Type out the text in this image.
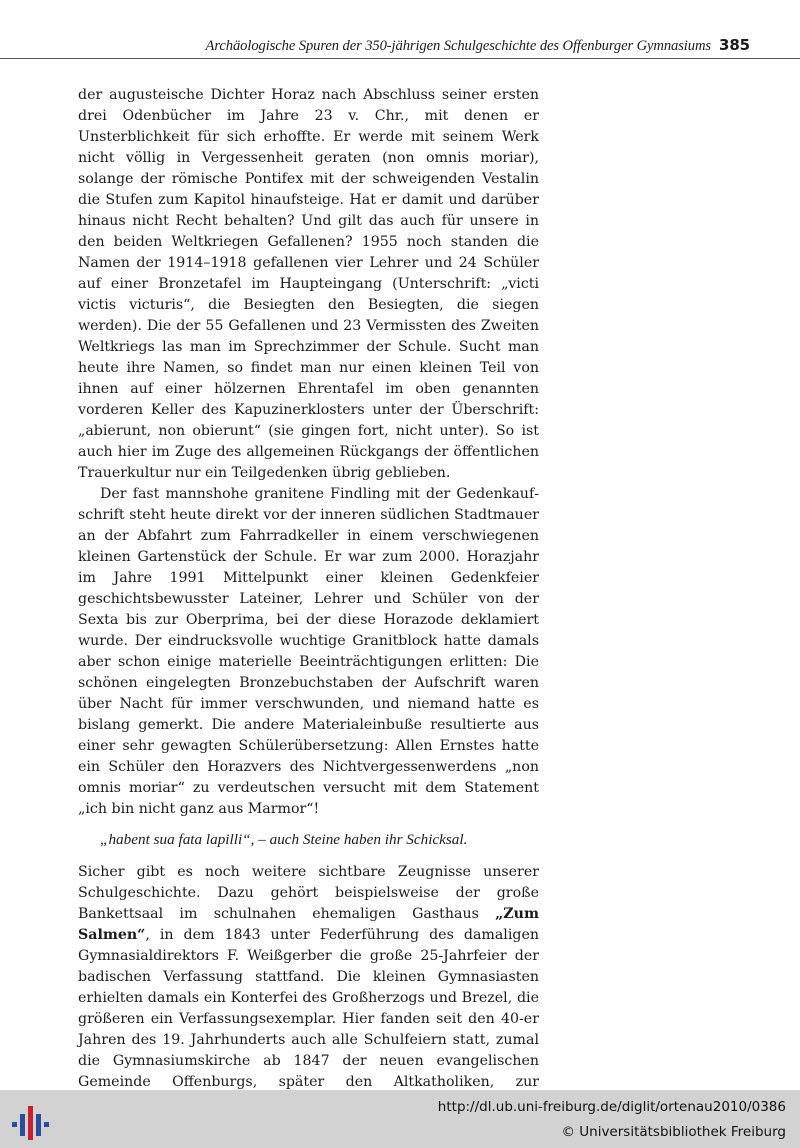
Archäologische Spuren der 350-jährigen Schulgeschichte des Offenburger Gymnasiums 385

der augusteische Dichter Horaz nach Abschluss seiner ersten drei Odenbücher im Jahre 23 v. Chr., mit denen er Unsterblichkeit für sich erhoffte. Er werde mit seinem Werk nicht völlig in Vergessenheit geraten (non omnis moriar), solange der römische Pontifex mit der schweigenden Vestalin die Stufen zum Kapitol hinaufsteige. Hat er damit und darüber hinaus nicht Recht behalten? Und gilt das auch für unsere in den beiden Weltkriegen Gefallenen? 1955 noch standen die Namen der 1914–1918 gefallenen vier Lehrer und 24 Schüler auf einer Bronzetafel im Haupteingang (Unterschrift: „victi victis victuris“, die Besiegten den Besiegten, die siegen werden). Die der 55 Gefallenen und 23 Vermissten des Zweiten Weltkriegs las man im Sprechzimmer der Schule. Sucht man heute ihre Namen, so findet man nur einen kleinen Teil von ihnen auf einer hölzernen Ehrentafel im oben genannten vorderen Keller des Kapuzinerklosters unter der Überschrift: „abierunt, non obierunt“ (sie gingen fort, nicht unter). So ist auch hier im Zuge des allgemeinen Rückgangs der öffentlichen Trauerkultur nur ein Teilgedenken übrig geblieben.

Der fast mannshohe granitene Findling mit der Gedenkaufschrift steht heute direkt vor der inneren südlichen Stadtmauer an der Abfahrt zum Fahrradkeller in einem verschwiegenen kleinen Gartenstück der Schule. Er war zum 2000. Horazjahr im Jahre 1991 Mittelpunkt einer kleinen Gedenkfeier geschichtsbewusster Lateiner, Lehrer und Schüler von der Sexta bis zur Oberprima, bei der diese Horazode deklamiert wurde. Der eindrucksvolle wuchtige Granitblock hatte damals aber schon einige materielle Beeinträchtigungen erlitten: Die schönen eingelegten Bronzebuchstaben der Aufschrift waren über Nacht für immer verschwunden, und niemand hatte es bislang gemerkt. Die andere Materialeinbuße resultierte aus einer sehr gewagten Schülerübersetzung: Allen Ernstes hatte ein Schüler den Horazvers des Nichtvergessenwerdens „non omnis moriar“ zu verdeutschen versucht mit dem Statement „ich bin nicht ganz aus Marmor“!

„habent sua fata lapilli“, – auch Steine haben ihr Schicksal.

Sicher gibt es noch weitere sichtbare Zeugnisse unserer Schulgeschichte. Dazu gehört beispielsweise der große Bankettsaal im schulnahen ehemaligen Gasthaus „Zum Salmen“, in dem 1843 unter Federführung des damaligen Gymnasialdirektors F. Weißgerber die große 25-Jahrfeier der badischen Verfassung stattfand. Die kleinen Gymnasiasten erhielten damals ein Konterfei des Großherzogs und Brezel, die größeren ein Verfassungsexemplar. Hier fanden seit den 40-er Jahren des 19. Jahrhunderts auch alle Schulfeiern statt, zumal die Gymnasiumskirche ab 1847 der neuen evangelischen Gemeinde Offenburgs, später den Altkatholiken, zur

http://dl.ub.uni-freiburg.de/diglit/ortenau2010/0386
© Universitätsbibliothek Freiburg
